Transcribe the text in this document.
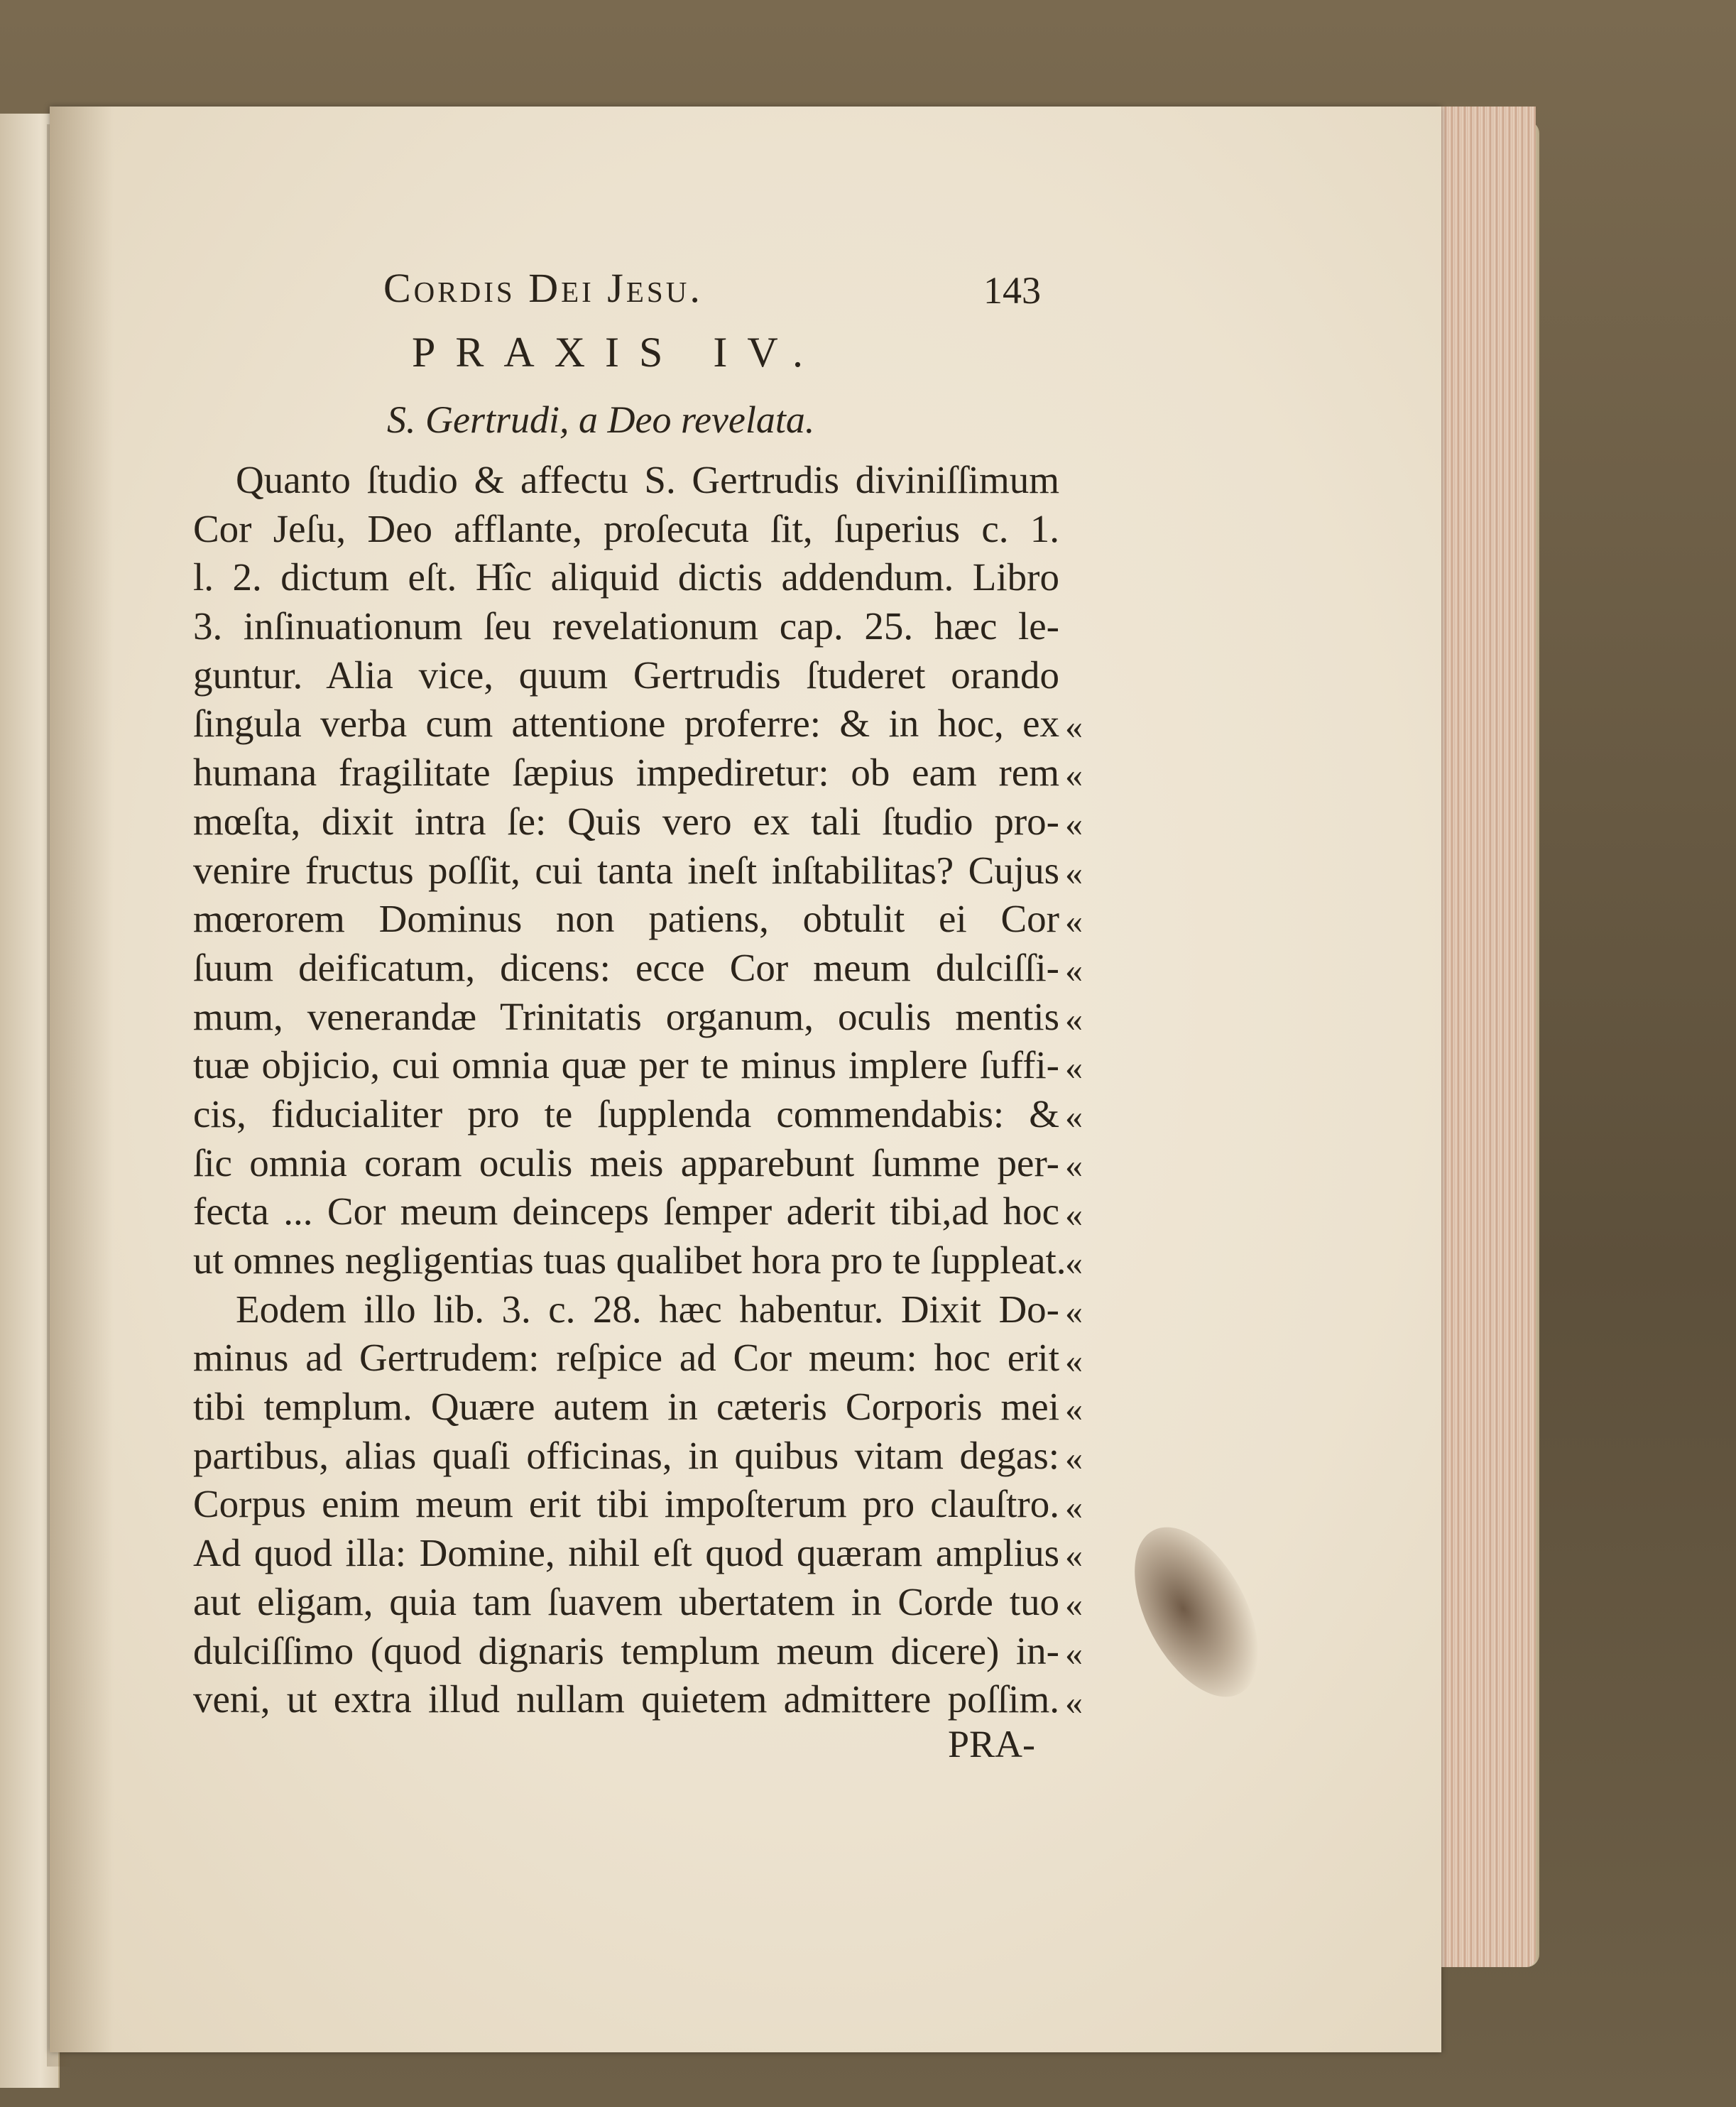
Cordis Dei Jesu.	143
PRAXIS IV.
S. Gertrudi, a Deo revelata.
Quanto ſtudio & affectu S. Gertrudis diviniſſimum
Cor Jeſu, Deo afflante, proſecuta ſit, ſuperius c. 1.
l. 2. dictum eſt. Hîc aliquid dictis addendum. Libro
3. inſinuationum ſeu revelationum cap. 25. hæc le-
guntur. Alia vice, quum Gertrudis ſtuderet orando
ſingula verba cum attentione proferre: & in hoc, ex
humana fragilitate ſæpius impediretur: ob eam rem
mœſta, dixit intra ſe: Quis vero ex tali ſtudio pro-
venire fructus poſſit, cui tanta ineſt inſtabilitas? Cujus
mœrorem Dominus non patiens, obtulit ei Cor
ſuum deificatum, dicens: ecce Cor meum dulciſſi-
mum, venerandæ Trinitatis organum, oculis mentis
tuæ objicio, cui omnia quæ per te minus implere ſuffi-
cis, fiducialiter pro te ſupplenda commendabis: &
ſic omnia coram oculis meis apparebunt ſumme per-
fecta ... Cor meum deinceps ſemper aderit tibi,ad hoc
ut omnes negligentias tuas qualibet hora pro te ſuppleat.
Eodem illo lib. 3. c. 28. hæc habentur. Dixit Do-
minus ad Gertrudem: reſpice ad Cor meum: hoc erit
tibi templum. Quære autem in cæteris Corporis mei
partibus, alias quaſi officinas, in quibus vitam degas:
Corpus enim meum erit tibi impoſterum pro clauſtro.
Ad quod illa: Domine, nihil eſt quod quæram amplius
aut eligam, quia tam ſuavem ubertatem in Corde tuo
dulciſſimo (quod dignaris templum meum dicere) in-
veni, ut extra illud nullam quietem admittere poſſim.
«
«
«
«
«
«
«
«
«
«
«
«
«
«
«
«
«
«
«
«
«
PRA-
